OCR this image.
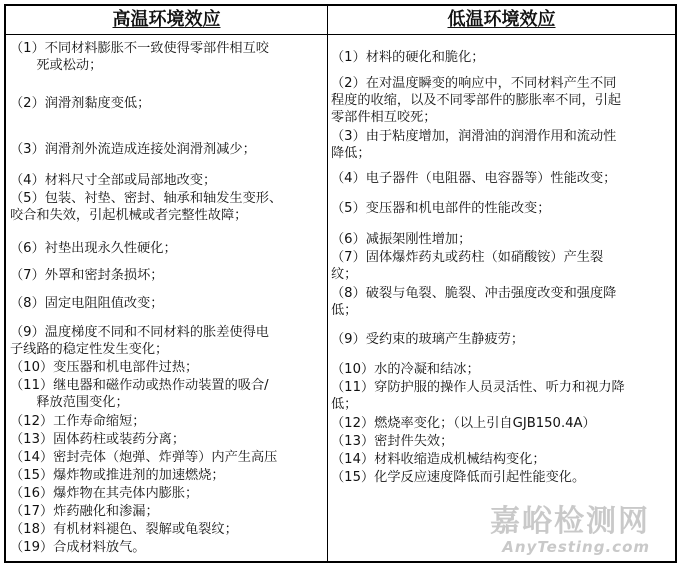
高温环境效应	低温环境效应
（1）不同材料膨胀不一致使得零部件相互咬
　　死或松动；
（2）润滑剂黏度变低；
（3）润滑剂外流造成连接处润滑剂减少；
（4）材料尺寸全部或局部地改变；
（5）包装、衬垫、密封、轴承和轴发生变形、
咬合和失效，引起机械或者完整性故障；
（6）衬垫出现永久性硬化；
（7）外罩和密封条损坏；
（8）固定电阻阻值改变；
（9）温度梯度不同和不同材料的胀差使得电
子线路的稳定性发生变化；
（10）变压器和机电部件过热；
（11）继电器和磁作动或热作动装置的吸合/
　　释放范围变化；
（12）工作寿命缩短；
（13）固体药柱或装药分离；
（14）密封壳体（炮弹、炸弹等）内产生高压
（15）爆炸物或推进剂的加速燃烧；
（16）爆炸物在其壳体内膨胀；
（17）炸药融化和渗漏；
（18）有机材料褪色、裂解或龟裂纹；
（19）合成材料放气。
（1）材料的硬化和脆化；
（2）在对温度瞬变的响应中，不同材料产生不同
程度的收缩，以及不同零部件的膨胀率不同，引起
零部件相互咬死；
（3）由于粘度增加，润滑油的润滑作用和流动性
降低；
（4）电子器件（电阻器、电容器等）性能改变；
（5）变压器和机电部件的性能改变；
（6）减振架刚性增加；
（7）固体爆炸药丸或药柱（如硝酸铵）产生裂
纹；
（8）破裂与龟裂、脆裂、冲击强度改变和强度降
低；
（9）受约束的玻璃产生静疲劳；
（10）水的冷凝和结冰；
（11）穿防护服的操作人员灵活性、听力和视力降
低；
（12）燃烧率变化；（以上引自GJB150.4A）
（13）密封件失效；
（14）材料收缩造成机械结构变化；
（15）化学反应速度降低而引起性能变化。
嘉峪检测网
AnyTesting.com
